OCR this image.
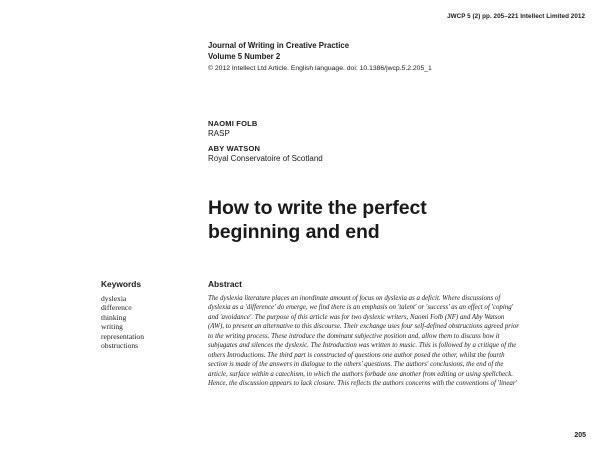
JWCP 5 (2) pp. 205–221 Intellect Limited 2012
Journal of Writing in Creative Practice
Volume 5 Number 2
© 2012 Intellect Ltd Article. English language. doi: 10.1386/jwcp.5.2.205_1
NAOMI FOLB
RASP
ABY WATSON
Royal Conservatoire of Scotland
How to write the perfect
beginning and end
Keywords
dyslexia
difference
thinking
writing
representation
obstructions
Abstract
The dyslexia literature places an inordinate amount of focus on dyslexia as a deficit. Where discussions of
dyslexia as a 'difference' do emerge, we find there is an emphasis on 'talent' or 'success' as an effect of 'coping'
and 'avoidance'. The purpose of this article was for two dyslexic writers, Naomi Folb (NF) and Aby Watson
(AW), to present an alternative to this discourse. Their exchange uses four self-defined obstructions agreed prior
to the writing process. These introduce the dominant subjective position and, allow them to discuss how it
subjugates and silences the dyslexic. The Introduction was written to music. This is followed by a critique of the
others Introductions. The third part is constructed of questions one author posed the other, whilst the fourth
section is made of the answers in dialogue to the others' questions. The authors' conclusions, the end of the
article, surface within a catechism, in which the authors forbade one another from editing or using spellcheck.
Hence, the discussion appears to lack closure. This reflects the authors concerns with the conventions of 'linear'
205
